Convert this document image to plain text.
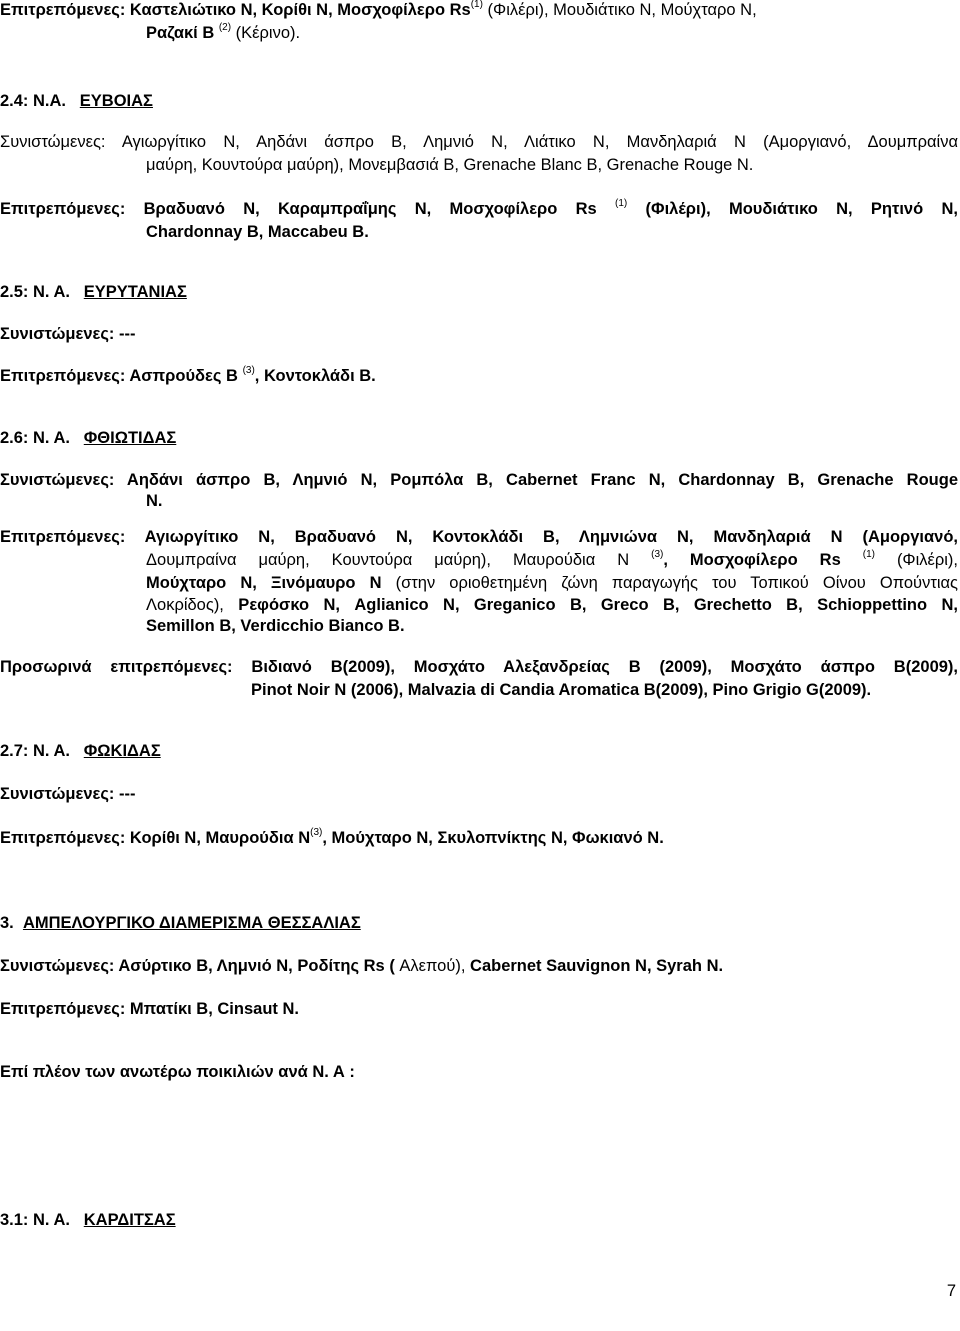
Επιτρεπόμενες: Καστελιώτικο Ν, Κορίθι Ν, Μοσχοφίλερο Rs$^{(1)}$ (Φιλέρι), Μουδιάτικο Ν, Μούχταρο Ν,
Ραζακί Β $^{(2)}$ (Κέρινο).
2.4: Ν.Α. ΕΥΒΟΙΑΣ
Συνιστώμενες: Αγιωργίτικο Ν, Αηδάνι άσπρο Β, Λημνιό Ν, Λιάτικο Ν, Μανδηλαριά Ν (Αμοργιανό, Δουμπραίνα
μαύρη, Κουντούρα μαύρη), Μονεμβασιά Β, Grenache Blanc B, Grenache Rouge N.
Επιτρεπόμενες: Βραδυανό Ν, Καραμπραΐμης Ν, Μοσχοφίλερο Rs $^{(1)}$ (Φιλέρι), Μουδιάτικο Ν, Ρητινό Ν,
Chardonnay B, Maccabeu B.
2.5: Ν. Α. ΕΥΡΥΤΑΝΙΑΣ
Συνιστώμενες: ---
Επιτρεπόμενες: Ασπρούδες Β $^{(3)}$, Κοντοκλάδι Β.
2.6: Ν. Α. ΦΘΙΩΤΙΔΑΣ
Συνιστώμενες: Αηδάνι άσπρο Β, Λημνιό Ν, Ρομπόλα Β, Cabernet Franc N, Chardonnay B, Grenache Rouge
N.
Επιτρεπόμενες: Αγιωργίτικο Ν, Βραδυανό Ν, Κοντοκλάδι Β, Λημνιώνα Ν, Μανδηλαριά Ν (Αμοργιανό,
Δουμπραίνα μαύρη, Κουντούρα μαύρη), Μαυρούδια Ν $^{(3)}$, Μοσχοφίλερο Rs $^{(1)}$ (Φιλέρι),
Μούχταρο Ν, Ξινόμαυρο Ν (στην οριοθετημένη ζώνη παραγωγής του Τοπικού Οίνου Οπούντιας
Λοκρίδος), Ρεφόσκο Ν, Aglianico N, Greganico B, Greco B, Grechetto B, Schioppettino N,
Semillon B, Verdicchio Bianco B.
Προσωρινά επιτρεπόμενες: Βιδιανό Β(2009), Μοσχάτο Αλεξανδρείας Β (2009), Μοσχάτο άσπρο Β(2009),
Pinot Noir N (2006), Malvazia di Candia Aromatica B(2009), Pino Grigio G(2009).
2.7: Ν. Α. ΦΩΚΙΔΑΣ
Συνιστώμενες: ---
Επιτρεπόμενες: Κορίθι Ν, Μαυρούδια $N^{(3)}$, Μούχταρο Ν, Σκυλοπνίκτης Ν, Φωκιανό Ν.
3. ΑΜΠΕΛΟΥΡΓΙΚΟ ΔΙΑΜΕΡΙΣΜΑ ΘΕΣΣΑΛΙΑΣ
Συνιστώμενες: Ασύρτικο Β, Λημνιό Ν, Ροδίτης Rs ( Αλεπού), Cabernet Sauvignon N, Syrah N.
Επιτρεπόμενες: Μπατίκι Β, Cinsaut N.
Επί πλέον των ανωτέρω ποικιλιών ανά Ν. Α :
3.1: Ν. Α. ΚΑΡΔΙΤΣΑΣ
7
